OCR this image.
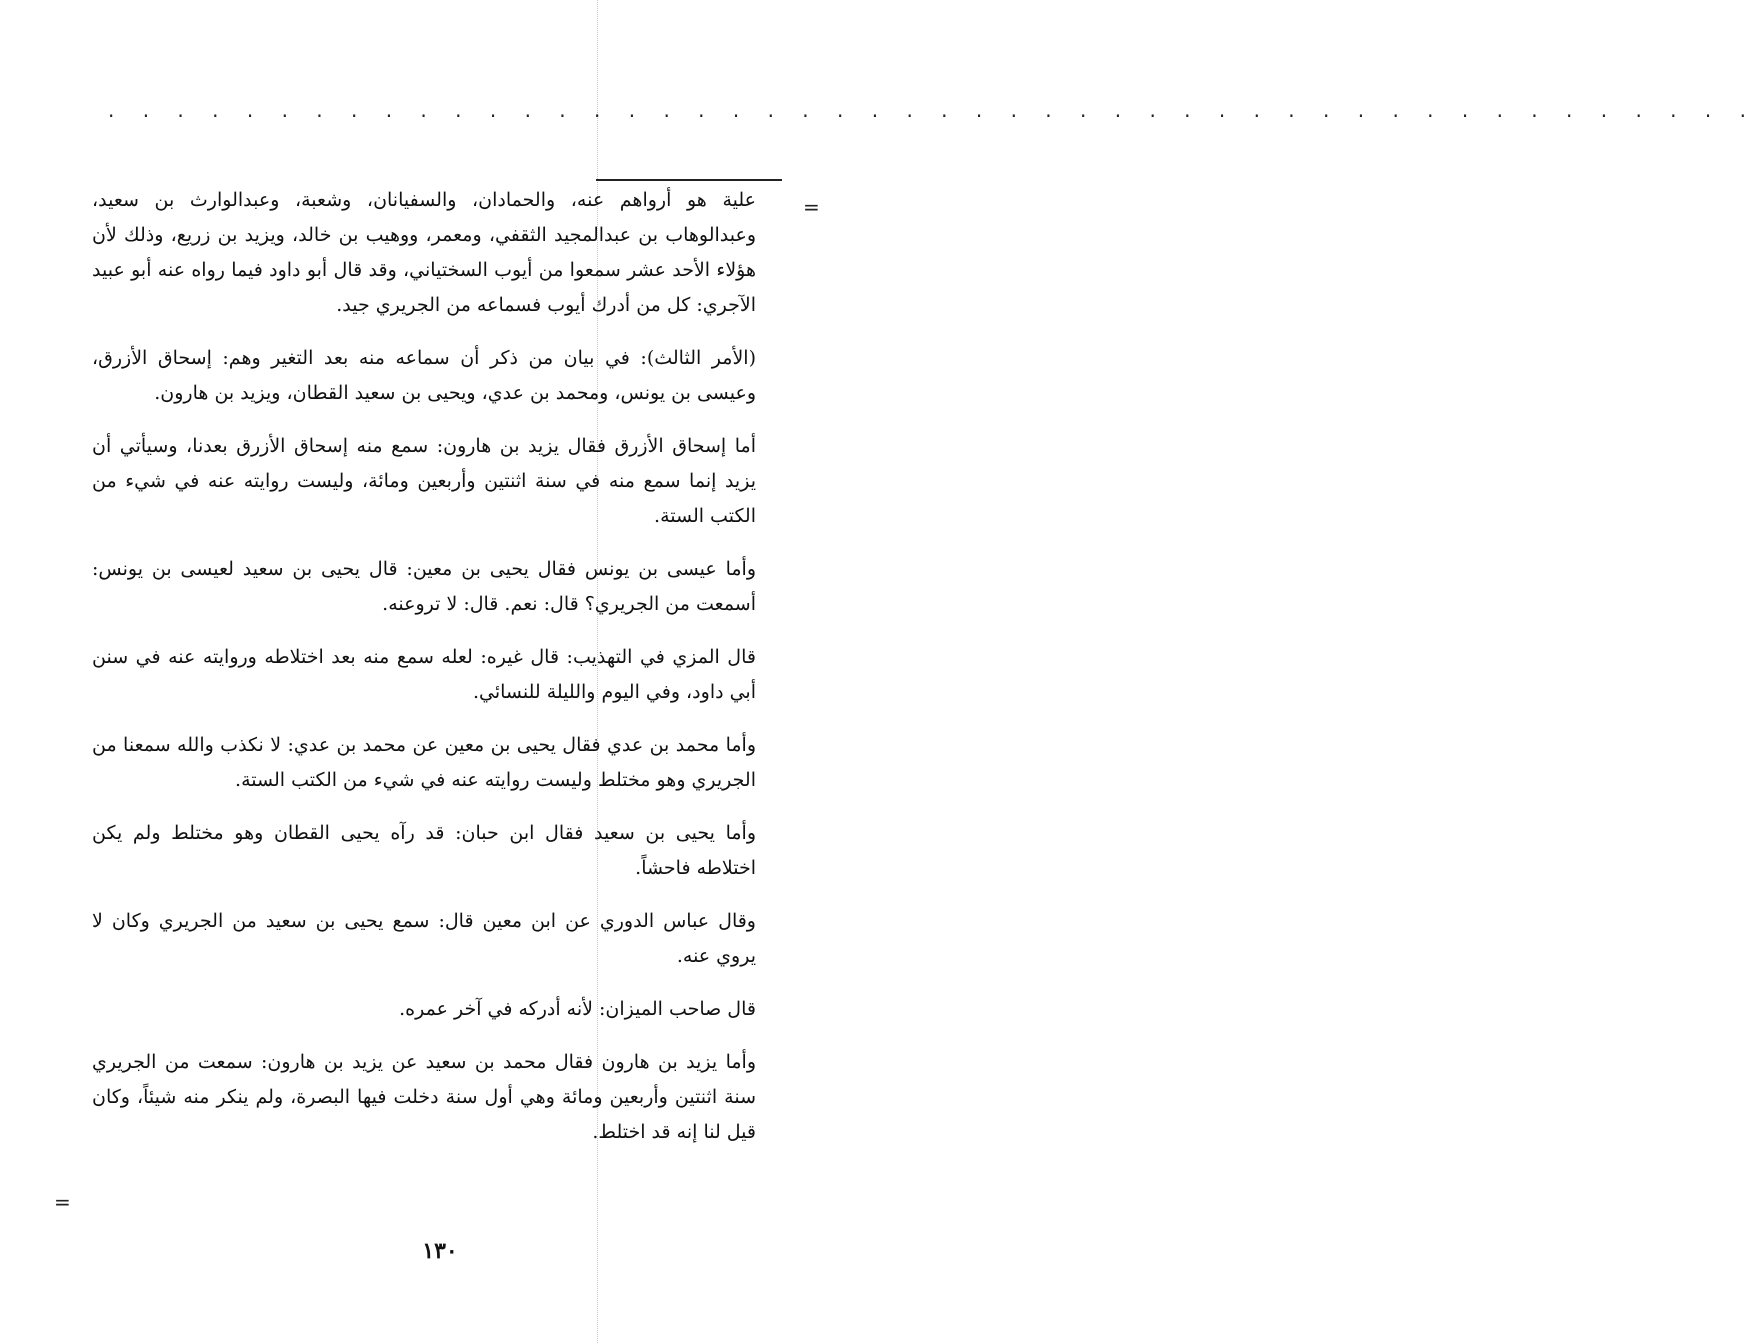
. . . . . . . . . . . . . . . . . . . . . . . . . . . . . . . . . . . . . . . . . . . . . . . .
=

علية هو أرواهم عنه، والحمادان، والسفيانان، وشعبة، وعبدالوارث بن سعيد، وعبدالوهاب بن عبدالمجيد الثقفي، ومعمر، ووهيب بن خالد، ويزيد بن زريع، وذلك لأن هؤلاء الأحد عشر سمعوا من أيوب السختياني، وقد قال أبو داود فيما رواه عنه أبو عبيد الآجري: كل من أدرك أيوب فسماعه من الجريري جيد.

(الأمر الثالث): في بيان من ذكر أن سماعه منه بعد التغير وهم: إسحاق الأزرق، وعيسى بن يونس، ومحمد بن عدي، ويحيى بن سعيد القطان، ويزيد بن هارون.

أما إسحاق الأزرق فقال يزيد بن هارون: سمع منه إسحاق الأزرق بعدنا، وسيأتي أن يزيد إنما سمع منه في سنة اثنتين وأربعين ومائة، وليست روايته عنه في شيء من الكتب الستة.

وأما عيسى بن يونس فقال يحيى بن معين: قال يحيى بن سعيد لعيسى بن يونس: أسمعت من الجريري؟ قال: نعم. قال: لا تروعنه.

قال المزي في التهذيب: قال غيره: لعله سمع منه بعد اختلاطه وروايته عنه في سنن أبي داود، وفي اليوم والليلة للنسائي.

وأما محمد بن عدي فقال يحيى بن معين عن محمد بن عدي: لا نكذب والله سمعنا من الجريري وهو مختلط وليست روايته عنه في شيء من الكتب الستة.

وأما يحيى بن سعيد فقال ابن حبان: قد رآه يحيى القطان وهو مختلط ولم يكن اختلاطه فاحشاً.

وقال عباس الدوري عن ابن معين قال: سمع يحيى بن سعيد من الجريري وكان لا يروي عنه.

قال صاحب الميزان: لأنه أدركه في آخر عمره.

وأما يزيد بن هارون فقال محمد بن سعيد عن يزيد بن هارون: سمعت من الجريري سنة اثنتين وأربعين ومائة وهي أول سنة دخلت فيها البصرة، ولم ينكر منه شيئاً، وكان قيل لنا إنه قد اختلط.

=
١٣٠
